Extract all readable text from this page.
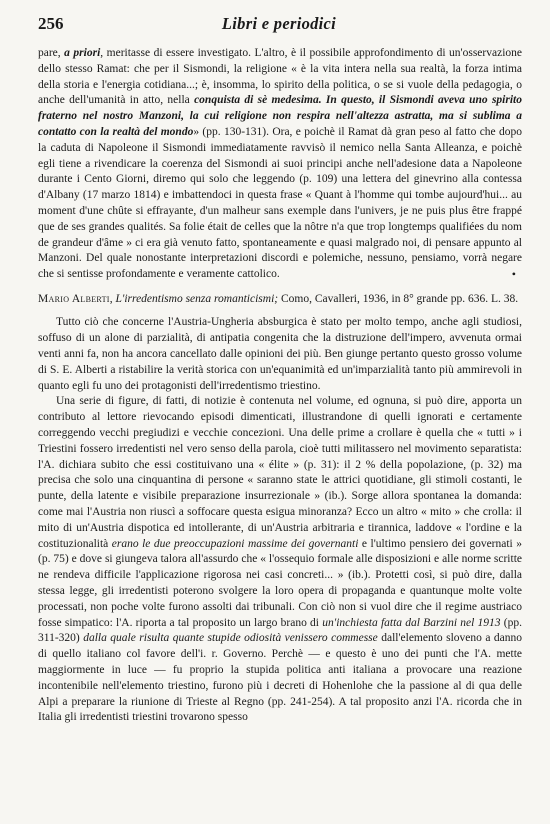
256	Libri e periodici

pare, a priori, meritasse di essere investigato. L'altro, è il possibile approfondimento di un'osservazione dello stesso Ramat: che per il Sismondi, la religione « è la vita intera nella sua realtà, la forza intima della storia e l'energia cotidiana...; è, insomma, lo spirito della politica, o se si vuole della pedagogia, o anche dell'umanità in atto, nella conquista di sè medesima. In questo, il Sismondi aveva uno spirito fraterno nel nostro Manzoni, la cui religione non respira nell'altezza astratta, ma si sublima a contatto con la realtà del mondo» (pp. 130-131). Ora, e poichè il Ramat dà gran peso al fatto che dopo la caduta di Napoleone il Sismondi immediatamente ravvisò il nemico nella Santa Alleanza, e poichè egli tiene a rivendicare la coerenza del Sismondi ai suoi principi anche nell'adesione data a Napoleone durante i Cento Giorni, diremo qui solo che leggendo (p. 109) una lettera del ginevrino alla contessa d'Albany (17 marzo 1814) e imbattendoci in questa frase « Quant à l'homme qui tombe aujourd'hui... au moment d'une chûte si effrayante, d'un malheur sans exemple dans l'univers, je ne puis plus être frappé que de ses grandes qualités. Sa folie était de celles que la nôtre n'a que trop longtemps qualifiées du nom de grandeur d'âme » ci era già venuto fatto, spontaneamente e quasi malgrado noi, di pensare appunto al Manzoni. Del quale nonostante interpretazioni discordi e polemiche, nessuno, pensiamo, vorrà negare che si sentisse profondamente e veramente cattolico.	•

Mario Alberti, L'irredentismo senza romanticismi; Como, Cavalleri, 1936, in 8° grande pp. 636. L. 38.

Tutto ciò che concerne l'Austria-Ungheria absburgica è stato per molto tempo, anche agli studiosi, soffuso di un alone di parzialità, di antipatia congenita che la distruzione dell'impero, avvenuta ormai venti anni fa, non ha ancora cancellato dalle opinioni dei più. Ben giunge pertanto questo grosso volume di S. E. Alberti a ristabilire la verità storica con un'equanimità ed un'imparzialità tanto più ammirevoli in quanto egli fu uno dei protagonisti dell'irredentismo triestino.

Una serie di figure, di fatti, di notizie è contenuta nel volume, ed ognuna, si può dire, apporta un contributo al lettore rievocando episodi dimenticati, illustrandone di quelli ignorati e certamente correggendo vecchi pregiudizi e vecchie concezioni. Una delle prime a crollare è quella che « tutti » i Triestini fossero irredentisti nel vero senso della parola, cioè tutti militassero nel movimento separatista: l'A. dichiara subito che essi costituivano una « élite » (p. 31): il 2 % della popolazione, (p. 32) ma precisa che solo una cinquantina di persone « saranno state le attrici quotidiane, gli stimoli costanti, le punte, della latente e visibile preparazione insurrezionale » (ib.). Sorge allora spontanea la domanda: come mai l'Austria non riuscì a soffocare questa esigua minoranza? Ecco un altro « mito » che crolla: il mito di un'Austria dispotica ed intollerante, di un'Austria arbitraria e tirannica, laddove « l'ordine e la costituzionalità erano le due preoccupazioni massime dei governanti e l'ultimo pensiero dei governati » (p. 75) e dove si giungeva talora all'assurdo che « l'ossequio formale alle disposizioni e alle norme scritte ne rendeva difficile l'applicazione rigorosa nei casi concreti... » (ib.). Protetti così, si può dire, dalla stessa legge, gli irredentisti poterono svolgere la loro opera di propaganda e quantunque molte volte processati, non poche volte furono assolti dai tribunali. Con ciò non si vuol dire che il regime austriaco fosse simpatico: l'A. riporta a tal proposito un largo brano di un'inchiesta fatta dal Barzini nel 1913 (pp. 311-320) dalla quale risulta quante stupide odiosità venissero commesse dall'elemento sloveno a danno di quello italiano col favore dell'i. r. Governo. Perchè — e questo è uno dei punti che l'A. mette maggiormente in luce — fu proprio la stupida politica anti italiana a provocare una reazione incontenibile nell'elemento triestino, furono più i decreti di Hohenlohe che la passione al di qua delle Alpi a preparare la riunione di Trieste al Regno (pp. 241-254). A tal proposito anzi l'A. ricorda che in Italia gli irredentisti triestini trovarono spesso
